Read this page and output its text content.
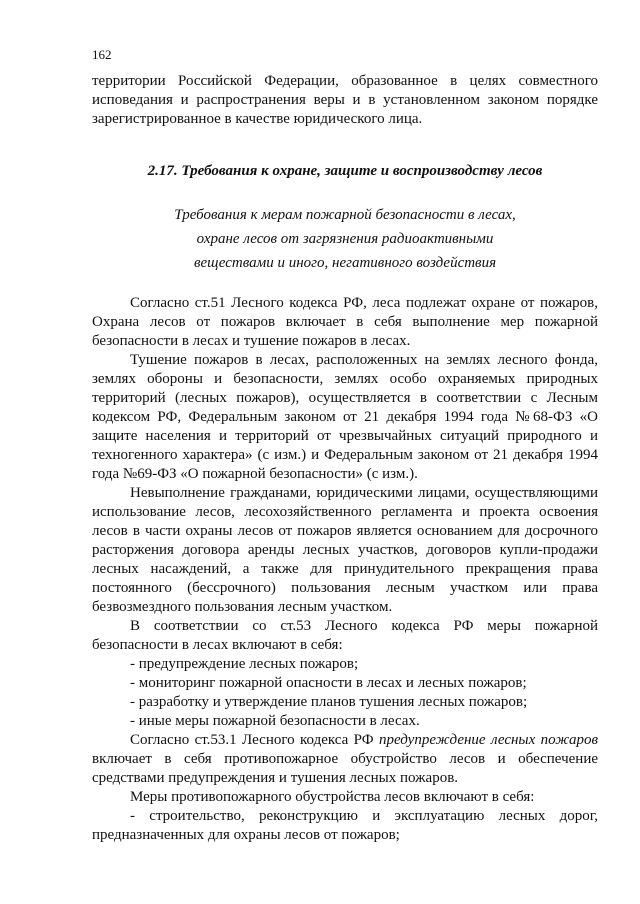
162

территории Российской Федерации, образованное в целях совместного исповедания и распространения веры и в установленном законом порядке зарегистрированное в качестве юридического лица.

2.17. Требования к охране, защите и воспроизводству лесов

Требования к мерам пожарной безопасности в лесах,
охране лесов от загрязнения радиоактивными
веществами и иного, негативного воздействия

Согласно ст.51 Лесного кодекса РФ, леса подлежат охране от пожаров, Охрана лесов от пожаров включает в себя выполнение мер пожарной безопасности в лесах и тушение пожаров в лесах.

Тушение пожаров в лесах, расположенных на землях лесного фонда, землях обороны и безопасности, землях особо охраняемых природных территорий (лесных пожаров), осуществляется в соответствии с Лесным кодексом РФ, Федеральным законом от 21 декабря 1994 года №68-ФЗ «О защите населения и территорий от чрезвычайных ситуаций природного и техногенного характера» (с изм.) и Федеральным законом от 21 декабря 1994 года №69-ФЗ «О пожарной безопасности» (с изм.).

Невыполнение гражданами, юридическими лицами, осуществляющими использование лесов, лесохозяйственного регламента и проекта освоения лесов в части охраны лесов от пожаров является основанием для досрочного расторжения договора аренды лесных участков, договоров купли-продажи лесных насаждений, а также для принудительного прекращения права постоянного (бессрочного) пользования лесным участком или права безвозмездного пользования лесным участком.

В соответствии со ст.53 Лесного кодекса РФ меры пожарной безопасности в лесах включают в себя:

- предупреждение лесных пожаров;

- мониторинг пожарной опасности в лесах и лесных пожаров;

- разработку и утверждение планов тушения лесных пожаров;

- иные меры пожарной безопасности в лесах.

Согласно ст.53.1 Лесного кодекса РФ предупреждение лесных пожаров включает в себя противопожарное обустройство лесов и обеспечение средствами предупреждения и тушения лесных пожаров.

Меры противопожарного обустройства лесов включают в себя:

- строительство, реконструкцию и эксплуатацию лесных дорог, предназначенных для охраны лесов от пожаров;
